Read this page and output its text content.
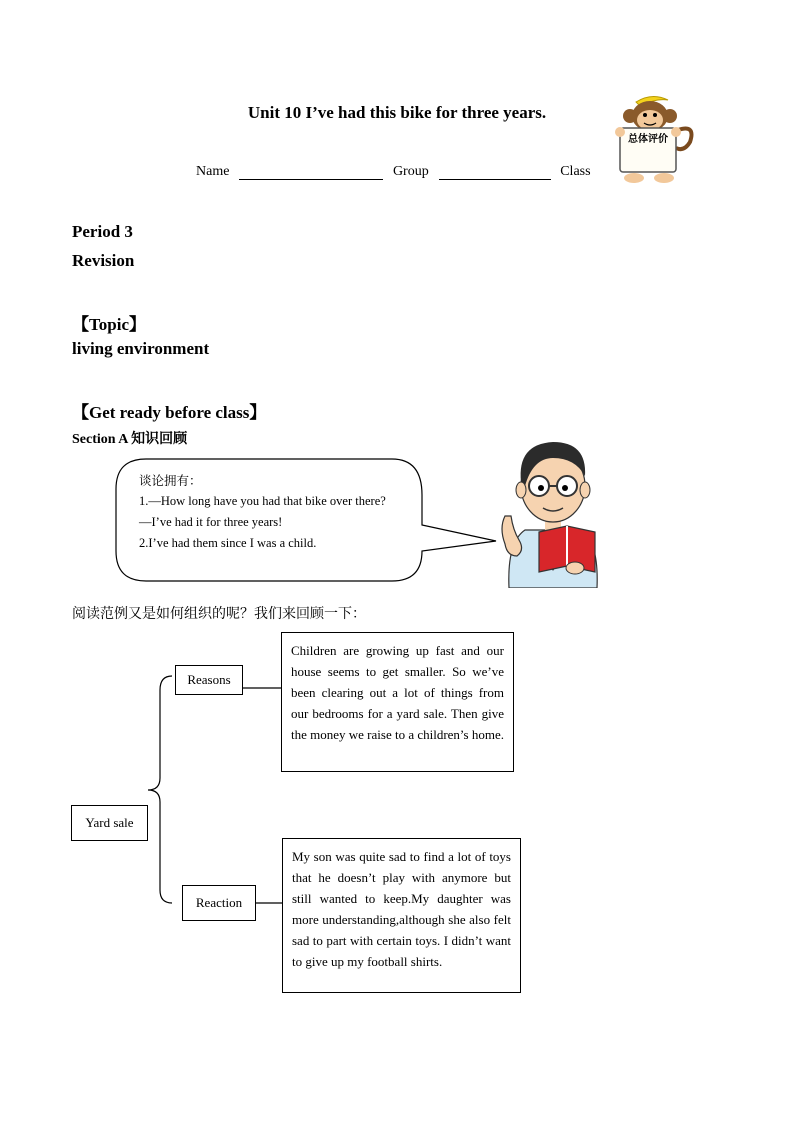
Unit 10 I’ve had this bike for three years.
Name	Group	Class
总体评价
Period 3
Revision
【Topic】
living environment
【Get ready before class】
Section A 知识回顾

谈论拥有：

1.—How long have you had that bike over there?

—I’ve had it for three years!

2.I’ve had them since I was a child.

阅读范例又是如何组织的呢？我们来回顾一下：
Yard sale
Reasons
Children are growing up fast and our house seems to get smaller. So we’ve been clearing out a lot of things from our bedrooms for a yard sale. Then give the money we raise to a children’s home.
Reaction
My son was quite sad to find a lot of toys that he doesn’t play with anymore but still wanted to keep.My daughter was more understanding,although she also felt sad to part with certain toys. I didn’t want to give up my football shirts.
